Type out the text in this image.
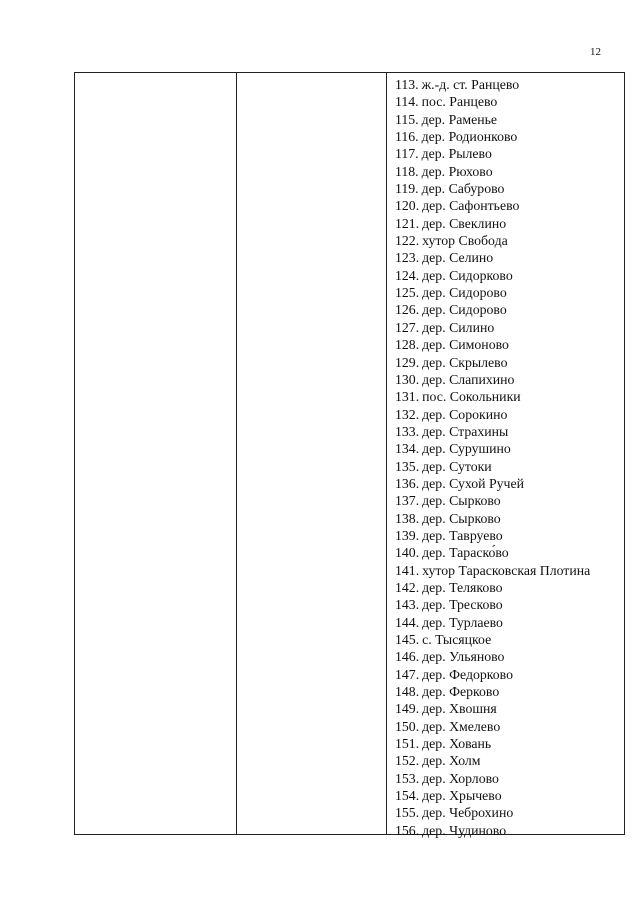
12
113. ж.-д. ст. Ранцево
114. пос. Ранцево
115. дер. Раменье
116. дер. Родионково
117. дер. Рылево
118. дер. Рюхово
119. дер. Сабурово
120. дер. Сафонтьево
121. дер. Свеклино
122. хутор Свобода
123. дер. Селино
124. дер. Сидорково
125. дер. Сидорово
126. дер. Сидорово
127. дер. Силино
128. дер. Симоново
129. дер. Скрылево
130. дер. Слапихино
131. пос. Сокольники
132. дер. Сорокино
133. дер. Страхины
134. дер. Сурушино
135. дер. Сутоки
136. дер. Сухой Ручей
137. дер. Сырково
138. дер. Сырково
139. дер. Тавруево
140. дер. Тараско́во
141. хутор Тарасковская Плотина
142. дер. Теляково
143. дер. Тресково
144. дер. Турлаево
145. с. Тысяцкое
146. дер. Ульяново
147. дер. Федорково
148. дер. Ферково
149. дер. Хвошня
150. дер. Хмелево
151. дер. Ховань
152. дер. Холм
153. дер. Хорлово
154. дер. Хрычево
155. дер. Чеброхино
156. дер. Чудиново
